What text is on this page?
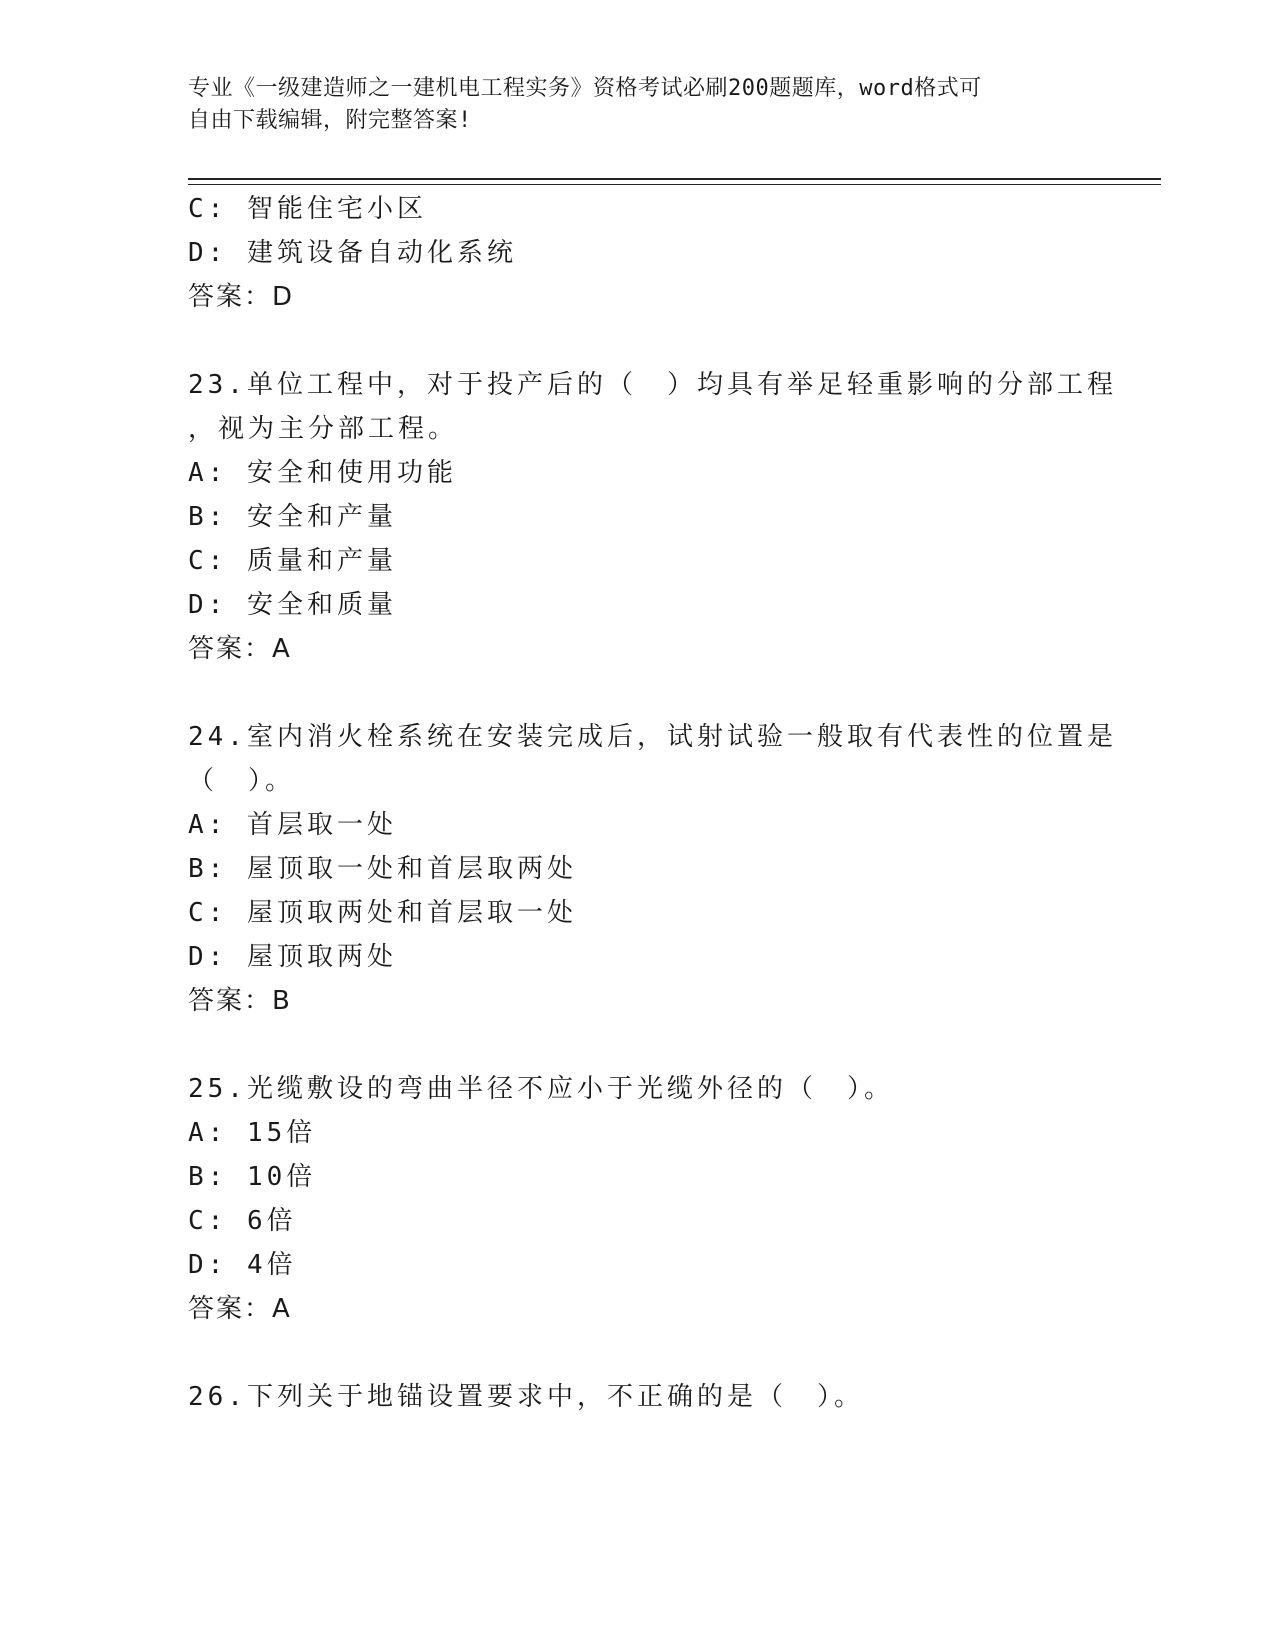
专业《一级建造师之一建机电工程实务》资格考试必刷200题题库，word格式可
自由下载编辑，附完整答案!
C: 智能住宅小区
D: 建筑设备自动化系统
答案：D
23.单位工程中，对于投产后的（　）均具有举足轻重影响的分部工程
，视为主分部工程。
A: 安全和使用功能
B: 安全和产量
C: 质量和产量
D: 安全和质量
答案：A
24.室内消火栓系统在安装完成后，试射试验一般取有代表性的位置是
（　）。
A: 首层取一处
B: 屋顶取一处和首层取两处
C: 屋顶取两处和首层取一处
D: 屋顶取两处
答案：B
25.光缆敷设的弯曲半径不应小于光缆外径的（　）。
A: 15倍
B: 10倍
C: 6倍
D: 4倍
答案：A
26.下列关于地锚设置要求中，不正确的是（　）。
